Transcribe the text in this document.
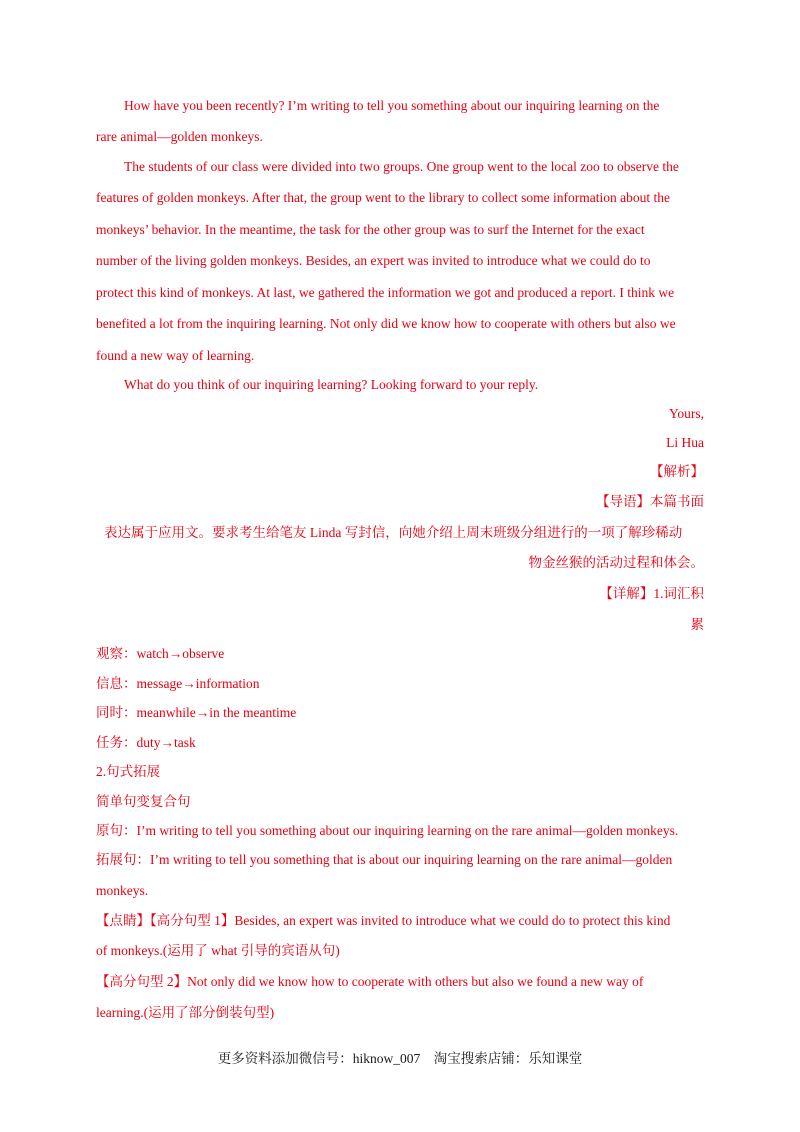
How have you been recently? I’m writing to tell you something about our inquiring learning on the
rare animal—golden monkeys.
The students of our class were divided into two groups. One group went to the local zoo to observe the
features of golden monkeys. After that, the group went to the library to collect some information about the
monkeys’ behavior. In the meantime, the task for the other group was to surf the Internet for the exact
number of the living golden monkeys. Besides, an expert was invited to introduce what we could do to
protect this kind of monkeys. At last, we gathered the information we got and produced a report. I think we
benefited a lot from the inquiring learning. Not only did we know how to cooperate with others but also we
found a new way of learning.
What do you think of our inquiring learning? Looking forward to your reply.
Yours,
Li Hua
【解析】
【导语】本篇书面
表达属于应用文。要求考生给笔友 Linda 写封信，向她介绍上周末班级分组进行的一项了解珍稀动
物金丝猴的活动过程和体会。
【详解】1.词汇积
累
观察：watch→observe
信息：message→information
同时：meanwhile→in the meantime
任务：duty→task
2.句式拓展
简单句变复合句
原句：I’m writing to tell you something about our inquiring learning on the rare animal—golden monkeys.
拓展句：I’m writing to tell you something that is about our inquiring learning on the rare animal—golden
monkeys.
【点睛】【高分句型 1】Besides, an expert was invited to introduce what we could do to protect this kind
of monkeys.(运用了 what 引导的宾语从句)
【高分句型 2】Not only did we know how to cooperate with others but also we found a new way of
learning.(运用了部分倒装句型)
更多资料添加微信号：hiknow_007　淘宝搜索店铺：乐知课堂
